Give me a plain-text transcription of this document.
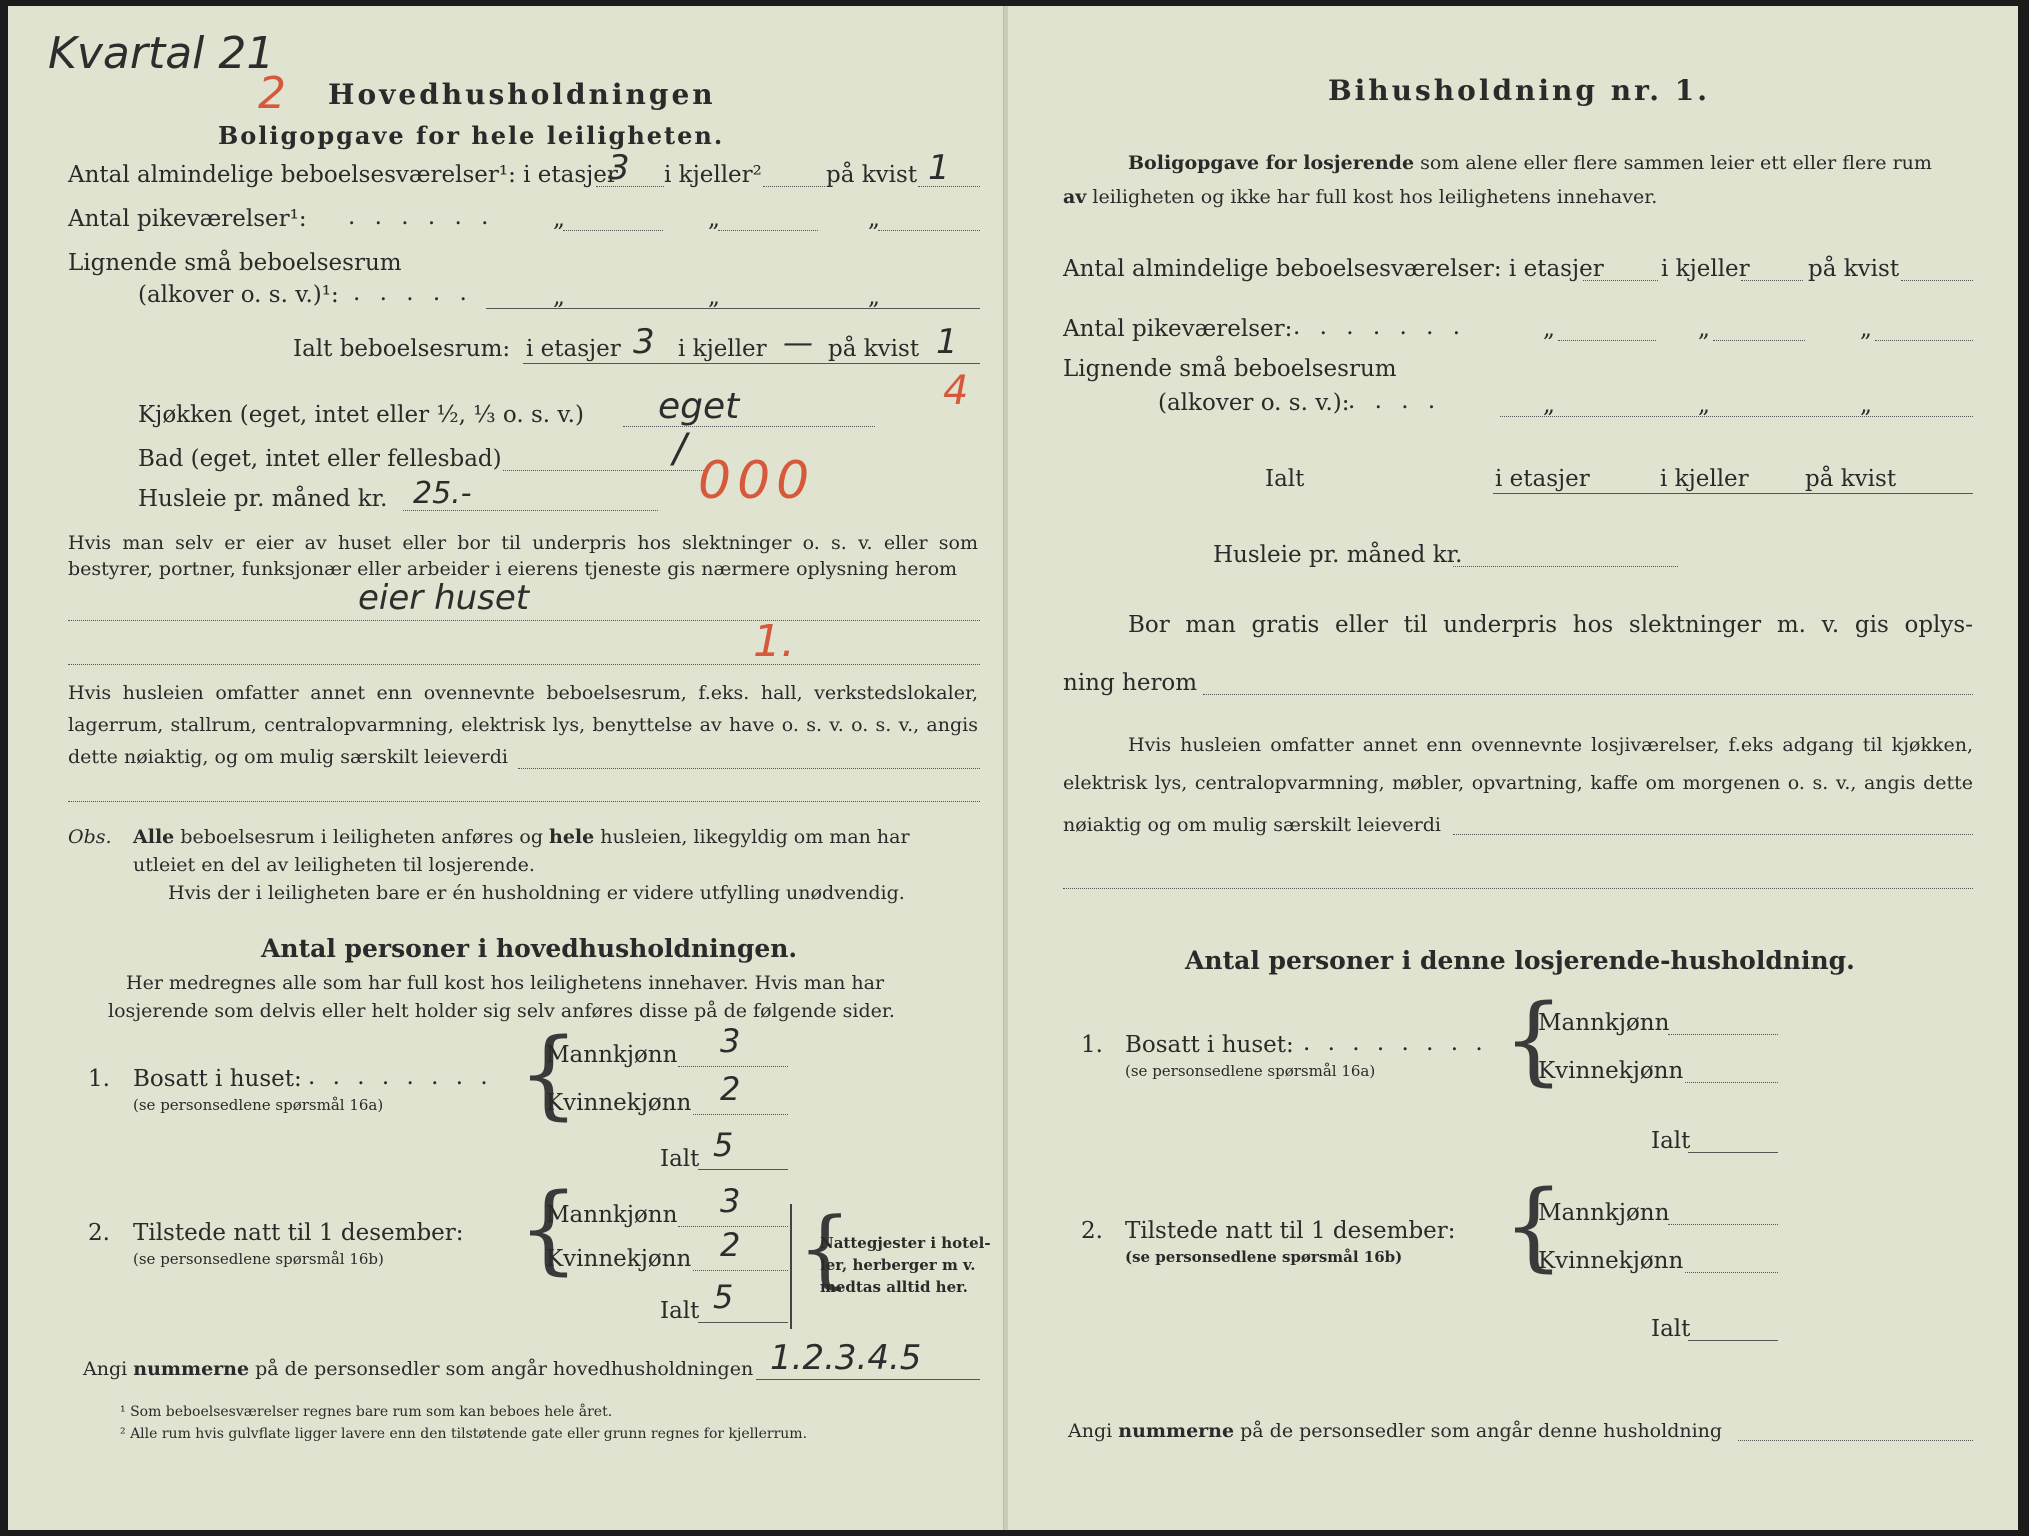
Kvartal 21
2 Hovedhusholdningen
Boligopgave for hele leiligheten.
Antal almindelige beboelsesværelser¹: i etasjer
3 i kjeller²	på kvist 1
Antal pikeværelser¹: . . . . . .	„	„	„
Lignende små beboelsesrum
(alkover o. s. v.)¹: . . . . .	„	„	„
Ialt beboelsesrum: i etasjer 3 i kjeller — på kvist 1
4
Kjøkken (eget, intet eller ½, ⅓ o. s. v.) eget
Bad (eget, intet eller fellesbad)	/
000
Husleie pr. måned kr. 25.-
Hvis man selv er eier av huset eller bor til underpris hos slektninger o. s. v. eller som bestyrer, portner, funksjonær eller arbeider i eierens tjeneste gis nærmere oplysning herom
eier huset
1.
Hvis husleien omfatter annet enn ovennevnte beboelsesrum, f.eks. hall, verkstedslokaler,
lagerrum, stallrum, centralopvarmning, elektrisk lys, benyttelse av have o. s. v. o. s. v., angis
dette nøiaktig, og om mulig særskilt leieverdi
Obs. Alle beboelsesrum i leiligheten anføres og hele husleien, likegyldig om man har
utleiet en del av leiligheten til losjerende.
Hvis der i leiligheten bare er én husholdning er videre utfylling unødvendig.
Antal personer i hovedhusholdningen.
Her medregnes alle som har full kost hos leilighetens innehaver. Hvis man har
losjerende som delvis eller helt holder sig selv anføres disse på de følgende sider.
1. Bosatt i huset: . . . . . . . .
(se personsedlene spørsmål 16a) {
Mannkjønn 3
Kvinnekjønn 2
Ialt 5
2. Tilstede natt til 1 desember:
(se personsedlene spørsmål 16b) {
Mannkjønn 3
Kvinnekjønn 2
Ialt 5 {
Nattegjester i hotel-
ler, herberger m v.
medtas alltid her.
Angi nummerne på de personsedler som angår hovedhusholdningen 1.2.3.4.5
¹ Som beboelsesværelser regnes bare rum som kan beboes hele året.
² Alle rum hvis gulvflate ligger lavere enn den tilstøtende gate eller grunn regnes for kjellerrum.
Bihusholdning nr. 1.
Boligopgave for losjerende som alene eller flere sammen leier ett eller flere rum
av leiligheten og ikke har full kost hos leilighetens innehaver.
Antal almindelige beboelsesværelser: i etasjer i kjeller	på kvist
Antal pikeværelser: . . . . . . .	„	„	„
Lignende små beboelsesrum
(alkover o. s. v.):
. . . .	„	„	„
Ialt	i etasjer	i kjeller på kvist
Husleie pr. måned kr.
Bor man gratis eller til underpris hos slektninger m. v. gis oplys-
ning herom
Hvis husleien omfatter annet enn ovennevnte losjiværelser, f.eks adgang til kjøkken,
elektrisk lys, centralopvarmning, møbler, opvartning, kaffe om morgenen o. s. v., angis dette
nøiaktig og om mulig særskilt leieverdi
Antal personer i denne losjerende-husholdning.
1. Bosatt i huset: . . . . . . . .
(se personsedlene spørsmål 16a) {
Mannkjønn
Kvinnekjønn
Ialt
2. Tilstede natt til 1 desember:
(se personsedlene spørsmål 16b) {
Mannkjønn
Kvinnekjønn
Ialt
Angi nummerne på de personsedler som angår denne husholdning
